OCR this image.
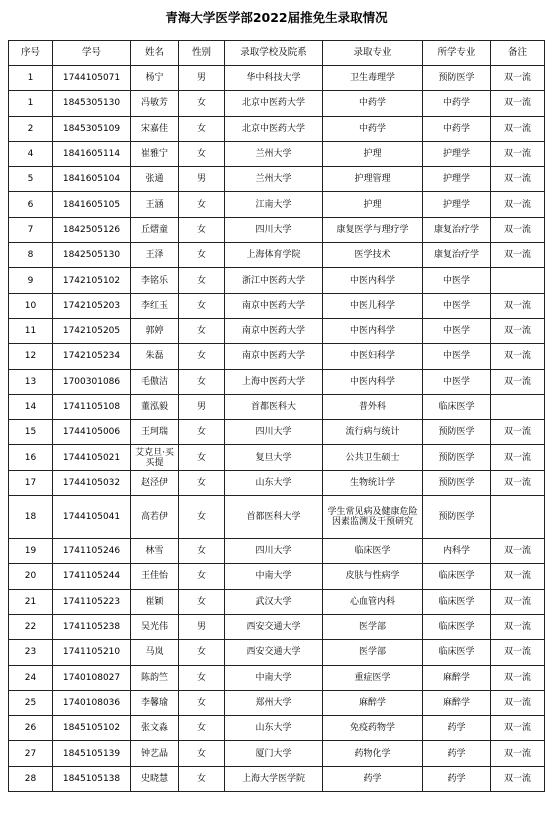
青海大学医学部2022届推免生录取情况
序号	学号	姓名	性别	录取学校及院系	录取专业	所学专业	备注
1	1744105071	杨宁	男	华中科技大学	卫生毒理学	预防医学	双一流
1	1845305130	冯敏芳	女	北京中医药大学	中药学	中药学	双一流
2	1845305109	宋嘉佳	女	北京中医药大学	中药学	中药学	双一流
4	1841605114	崔雅宁	女	兰州大学	护理	护理学	双一流
5	1841605104	张通	男	兰州大学	护理管理	护理学	双一流
6	1841605105	王涵	女	江南大学	护理	护理学	双一流
7	1842505126	丘熠童	女	四川大学	康复医学与理疗学	康复治疗学	双一流
8	1842505130	王泽	女	上海体育学院	医学技术	康复治疗学	双一流
9	1742105102	李铭乐	女	浙江中医药大学	中医内科学	中医学	
10	1742105203	李红玉	女	南京中医药大学	中医儿科学	中医学	双一流
11	1742105205	郭婷	女	南京中医药大学	中医内科学	中医学	双一流
12	1742105234	朱磊	女	南京中医药大学	中医妇科学	中医学	双一流
13	1700301086	毛傲洁	女	上海中医药大学	中医内科学	中医学	双一流
14	1741105108	董泓毅	男	首都医科大	普外科	临床医学	
15	1744105006	王珂瑞	女	四川大学	流行病与统计	预防医学	双一流
16	1744105021	艾克旦·买买提	女	复旦大学	公共卫生硕士	预防医学	双一流
17	1744105032	赵泾伊	女	山东大学	生物统计学	预防医学	双一流
18	1744105041	高若伊	女	首都医科大学	学生常见病及健康危险因素监测及干预研究	预防医学	
19	1741105246	林雪	女	四川大学	临床医学	内科学	双一流
20	1741105244	王佳怡	女	中南大学	皮肤与性病学	临床医学	双一流
21	1741105223	崔颖	女	武汉大学	心血管内科	临床医学	双一流
22	1741105238	吴光伟	男	西安交通大学	医学部	临床医学	双一流
23	1741105210	马岚	女	西安交通大学	医学部	临床医学	双一流
24	1740108027	陈韵竺	女	中南大学	重症医学	麻醉学	双一流
25	1740108036	李馨瑜	女	郑州大学	麻醉学	麻醉学	双一流
26	1845105102	张文淼	女	山东大学	免疫药物学	药学	双一流
27	1845105139	钟艺晶	女	厦门大学	药物化学	药学	双一流
28	1845105138	史晓慧	女	上海大学医学院	药学	药学	双一流
